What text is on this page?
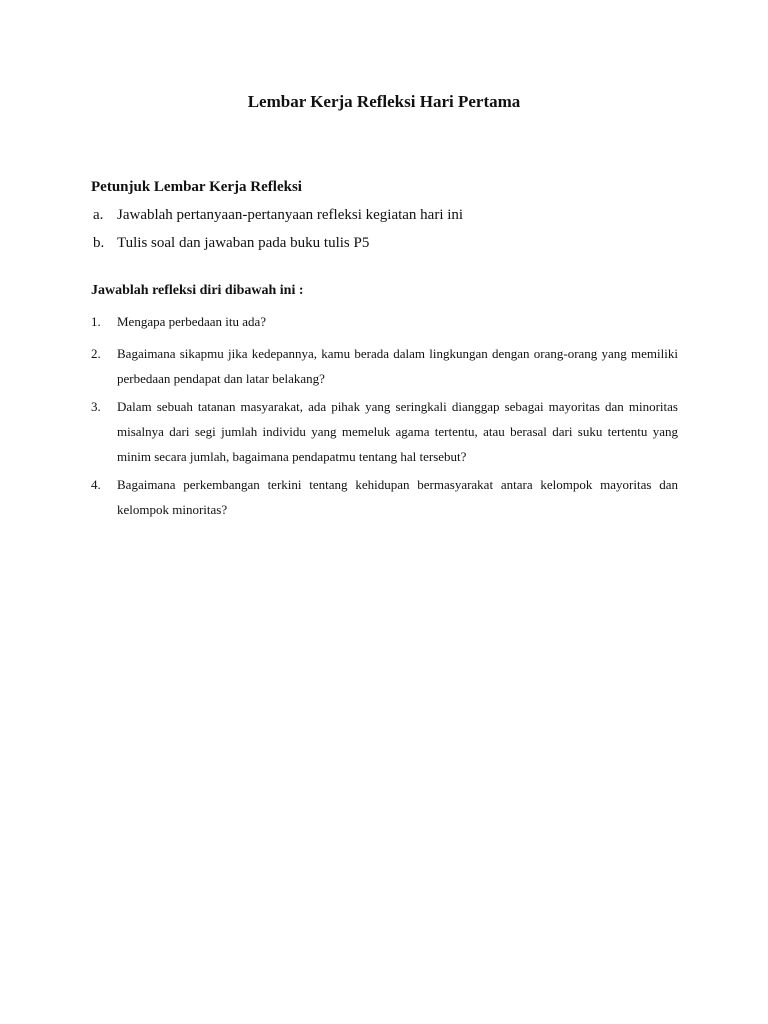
Lembar Kerja Refleksi Hari Pertama
Petunjuk Lembar Kerja Refleksi
a. Jawablah pertanyaan-pertanyaan refleksi kegiatan hari ini
b. Tulis soal dan jawaban pada buku tulis P5
Jawablah refleksi diri dibawah ini :
1. Mengapa perbedaan itu ada?
2. Bagaimana sikapmu jika kedepannya, kamu berada dalam lingkungan dengan orang-orang yang memiliki perbedaan pendapat dan latar belakang?
3. Dalam sebuah tatanan masyarakat, ada pihak yang seringkali dianggap sebagai mayoritas dan minoritas misalnya dari segi jumlah individu yang memeluk agama tertentu, atau berasal dari suku tertentu yang minim secara jumlah, bagaimana pendapatmu tentang hal tersebut?
4. Bagaimana perkembangan terkini tentang kehidupan bermasyarakat antara kelompok mayoritas dan kelompok minoritas?
